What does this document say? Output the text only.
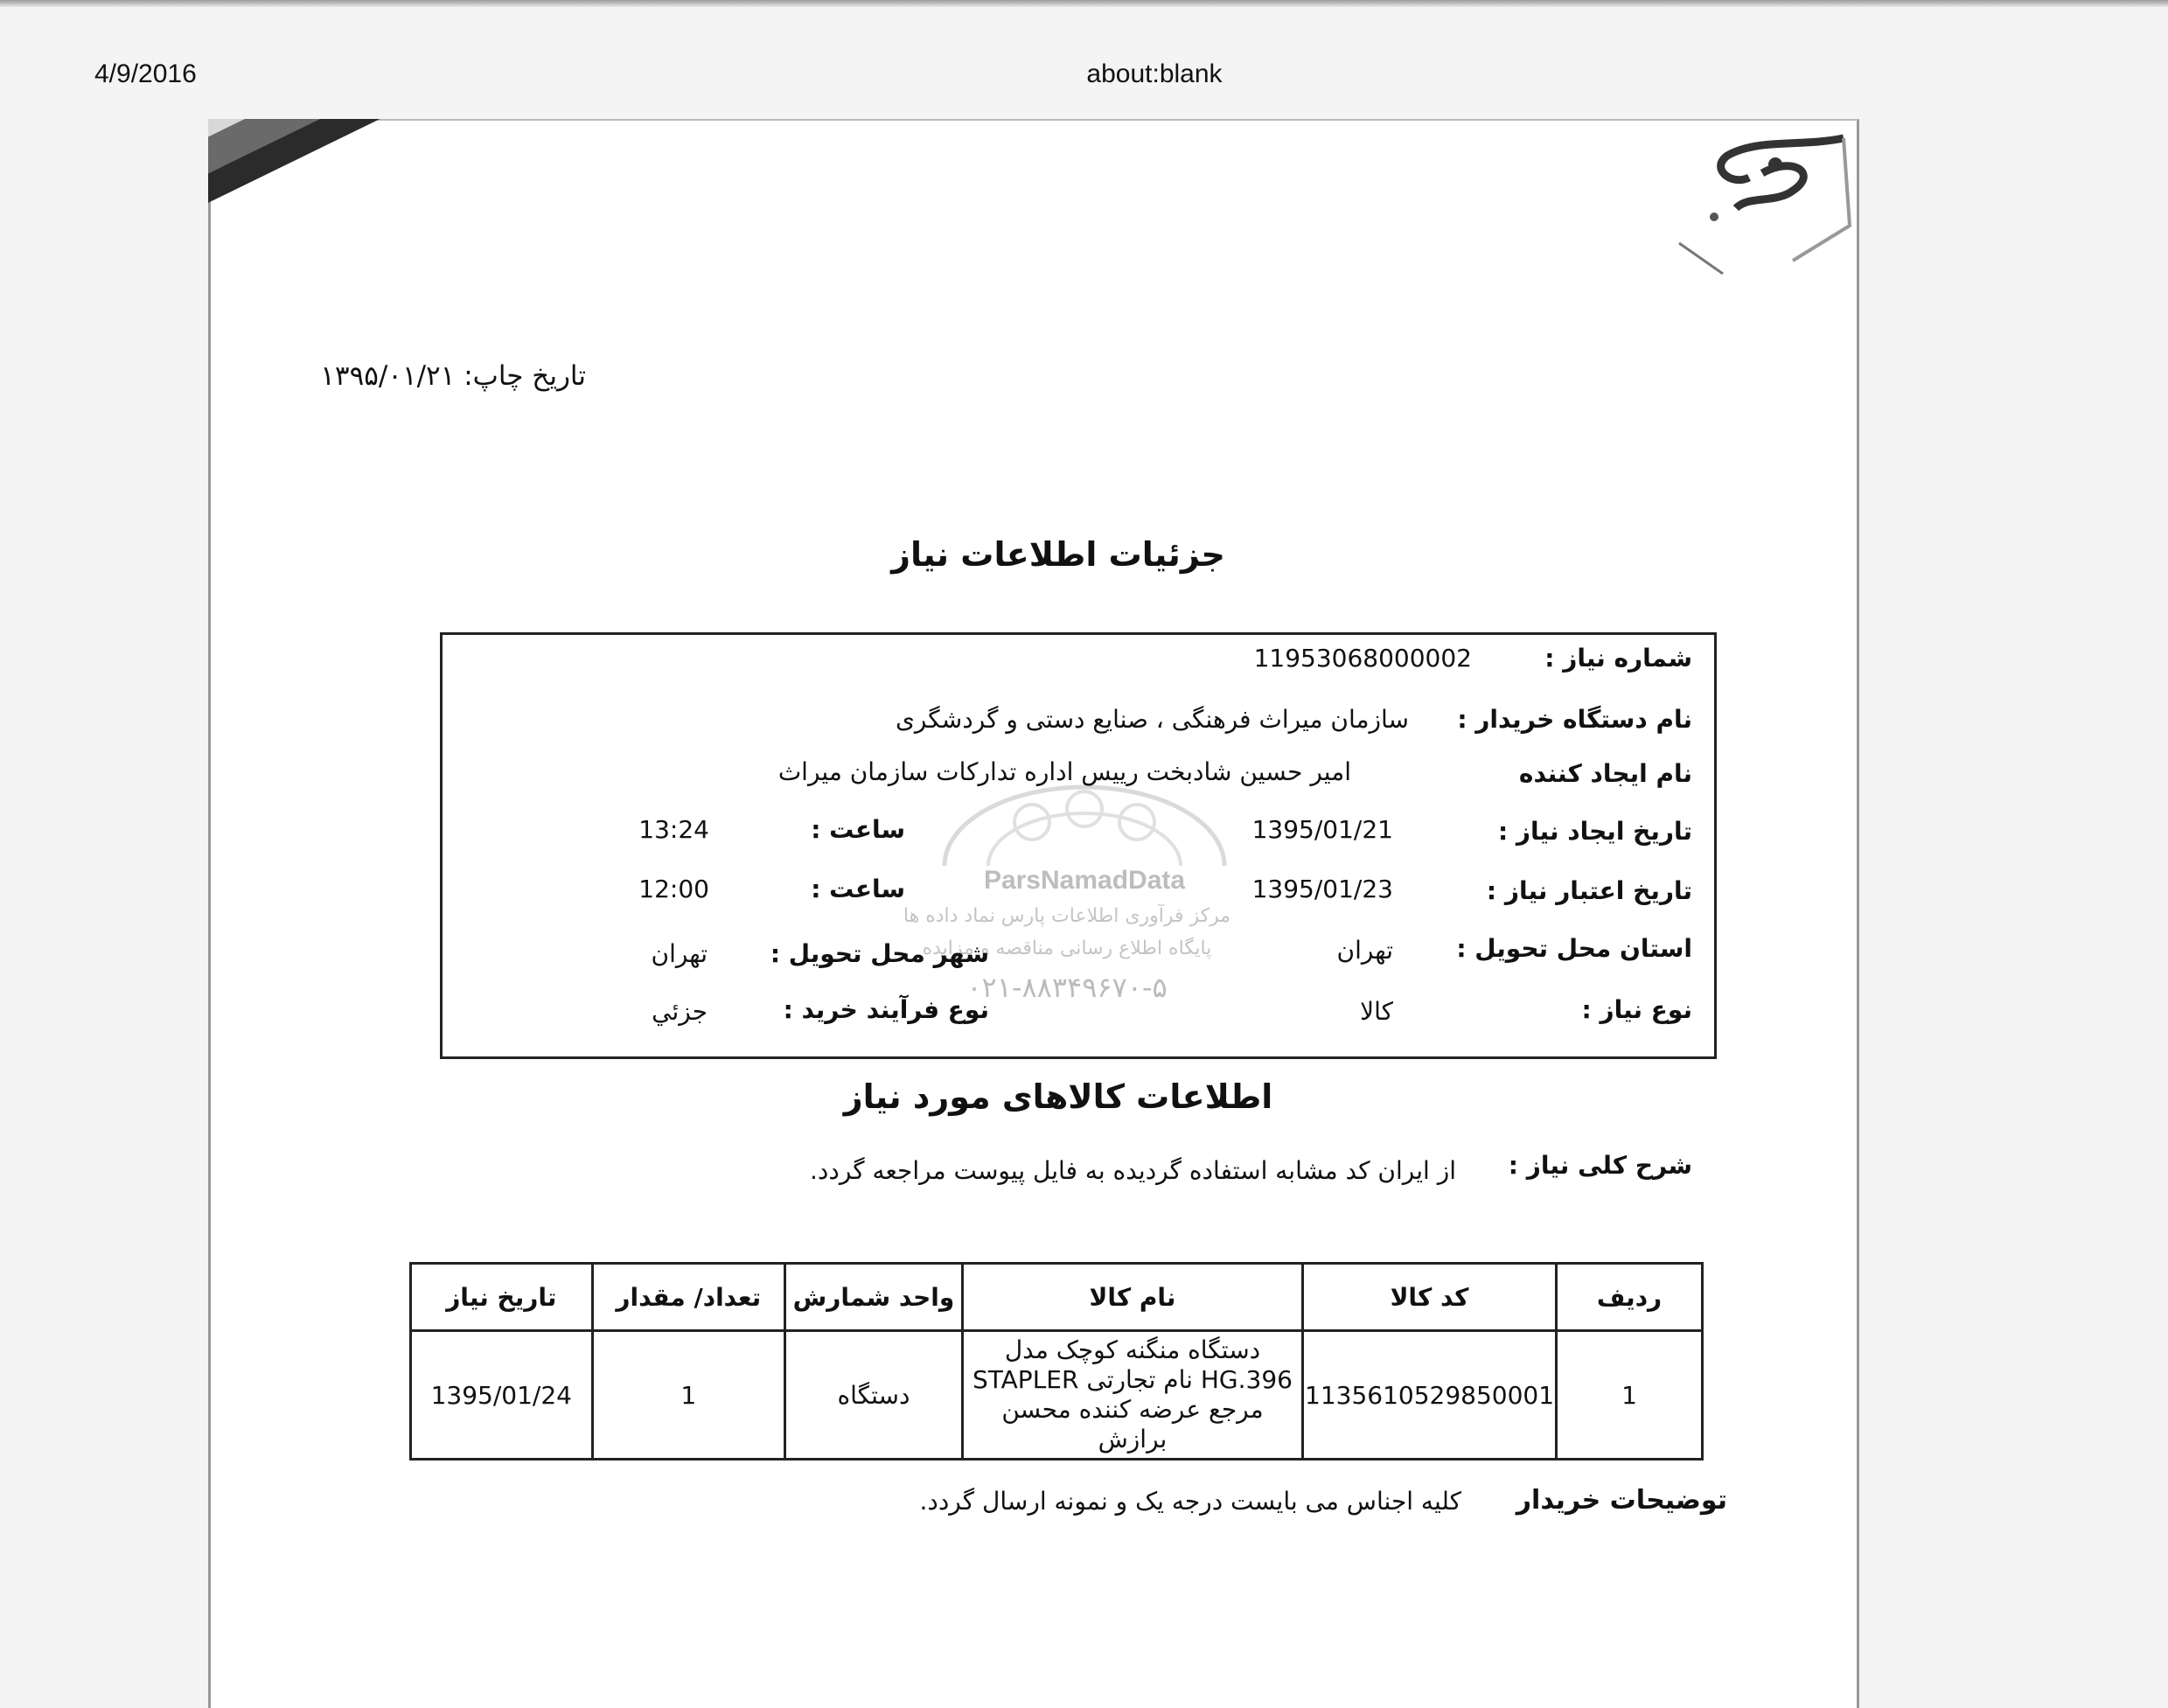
4/9/2016	about:blank
ParsNamadData
مرکز فرآوری اطلاعات پارس نماد داده ها
پایگاه اطلاع رسانی مناقصه و مزایده
۰۲۱-۸۸۳۴۹۶۷۰-۵
تاریخ چاپ: ۱۳۹۵/۰۱/۲۱
جزئیات اطلاعات نیاز
شماره نیاز :
11953068000002
نام دستگاه خریدار :
سازمان میراث فرهنگی ، صنایع دستی و گردشگری
نام ایجاد کننده
امیر حسین شادبخت رییس اداره تدارکات سازمان میراث
تاریخ ایجاد نیاز :
1395/01/21
ساعت :
13:24
تاریخ اعتبار نیاز :
1395/01/23
ساعت :
12:00
استان محل تحویل :
تهران
شهر محل تحویل :
تهران
نوع نیاز :
کالا
نوع فرآیند خرید :
جزئي
اطلاعات کالاهای مورد نیاز
شرح کلی نیاز :
از ایران کد مشابه استفاده گردیده به فایل پیوست مراجعه گردد.
ردیف	کد کالا	نام کالا	واحد شمارش	تعداد/ مقدار	تاریخ نیاز
1	1135610529850001	دستگاه منگنه کوچک مدل HG.396 نام تجارتی STAPLER مرجع عرضه کننده محسن برازش	دستگاه	1	1395/01/24
توضیحات خریدار
کلیه اجناس می بایست درجه یک و نمونه ارسال گردد.
